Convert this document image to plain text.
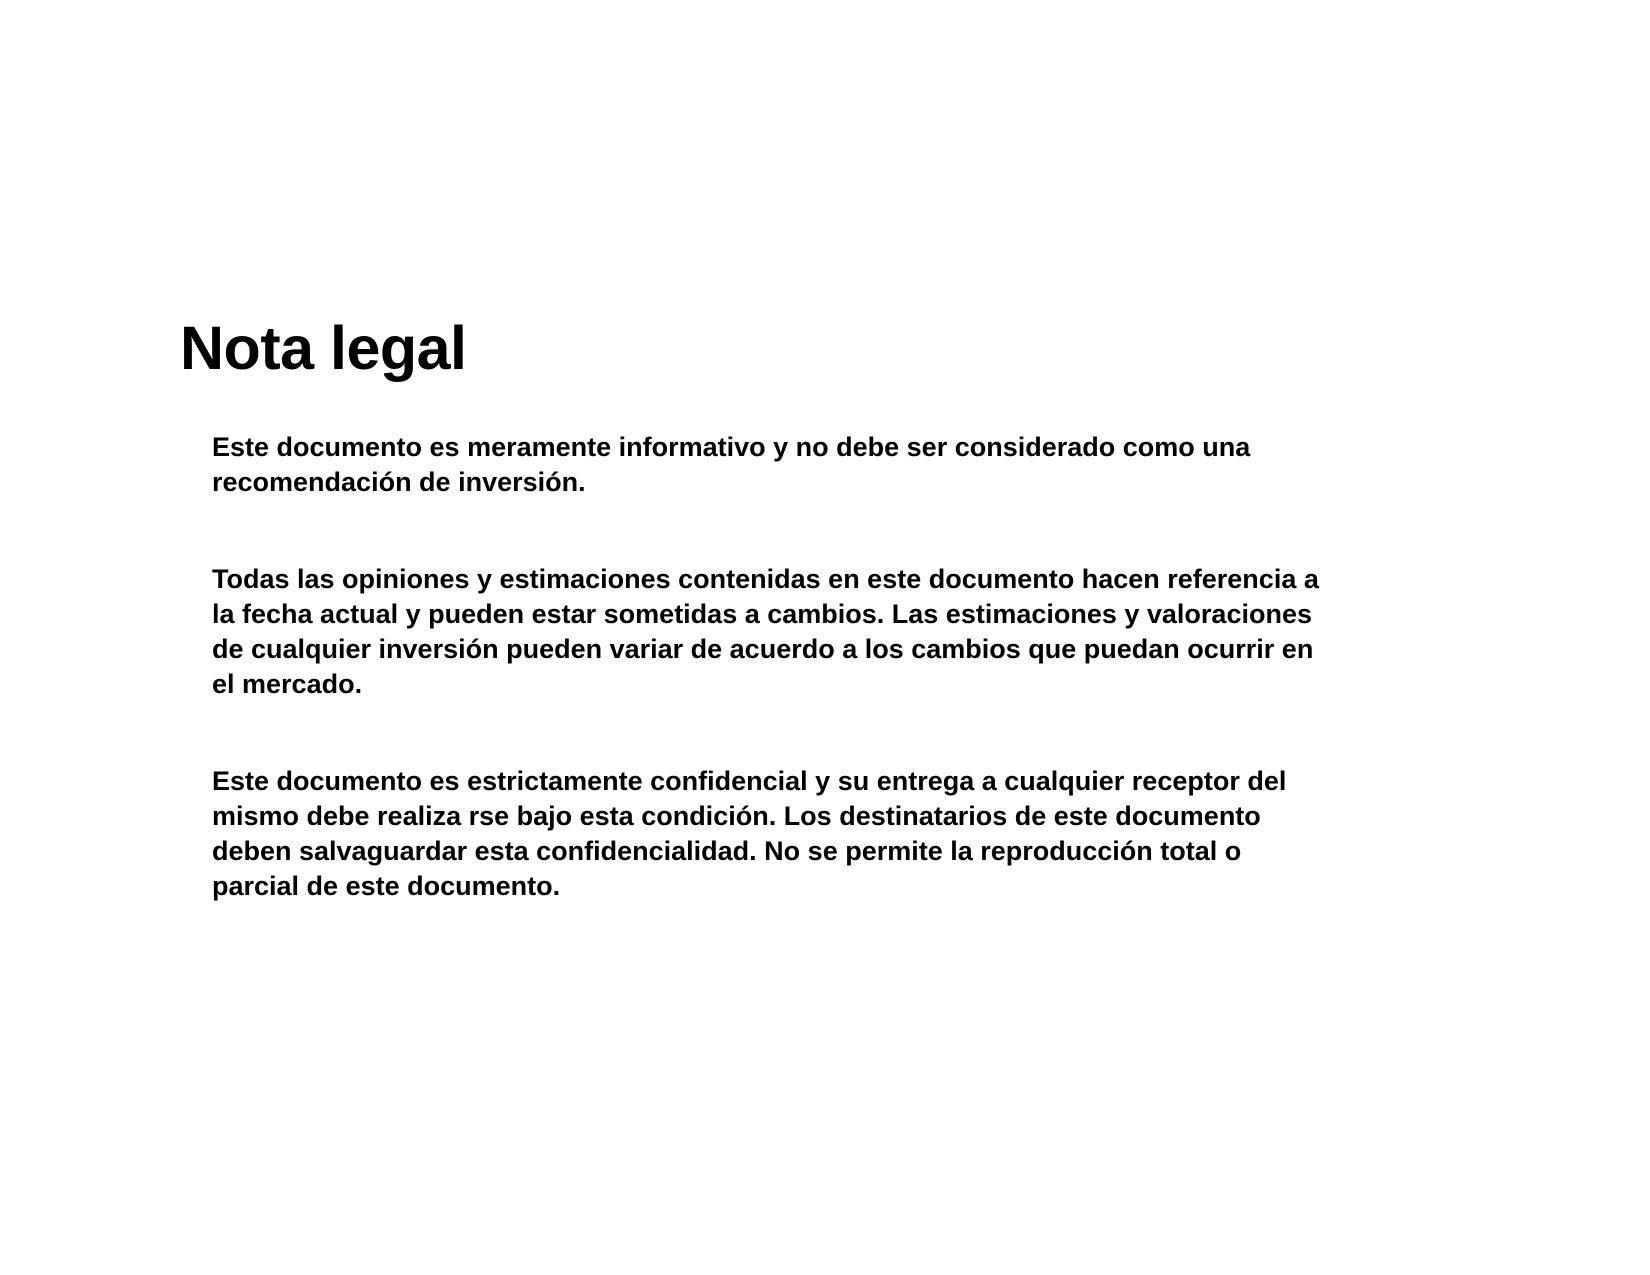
Nota legal

Este documento es meramente informativo y no debe ser considerado como una
recomendación de inversión.

Todas las opiniones y estimaciones contenidas en este documento hacen referencia a
la fecha actual y pueden estar sometidas a cambios. Las estimaciones y valoraciones
de cualquier inversión pueden variar de acuerdo a los cambios que puedan ocurrir en
el mercado.

Este documento es estrictamente confidencial y su entrega a cualquier receptor del
mismo debe realiza rse bajo esta condición. Los destinatarios de este documento
deben salvaguardar esta confidencialidad. No se permite la reproducción total o
parcial de este documento.
